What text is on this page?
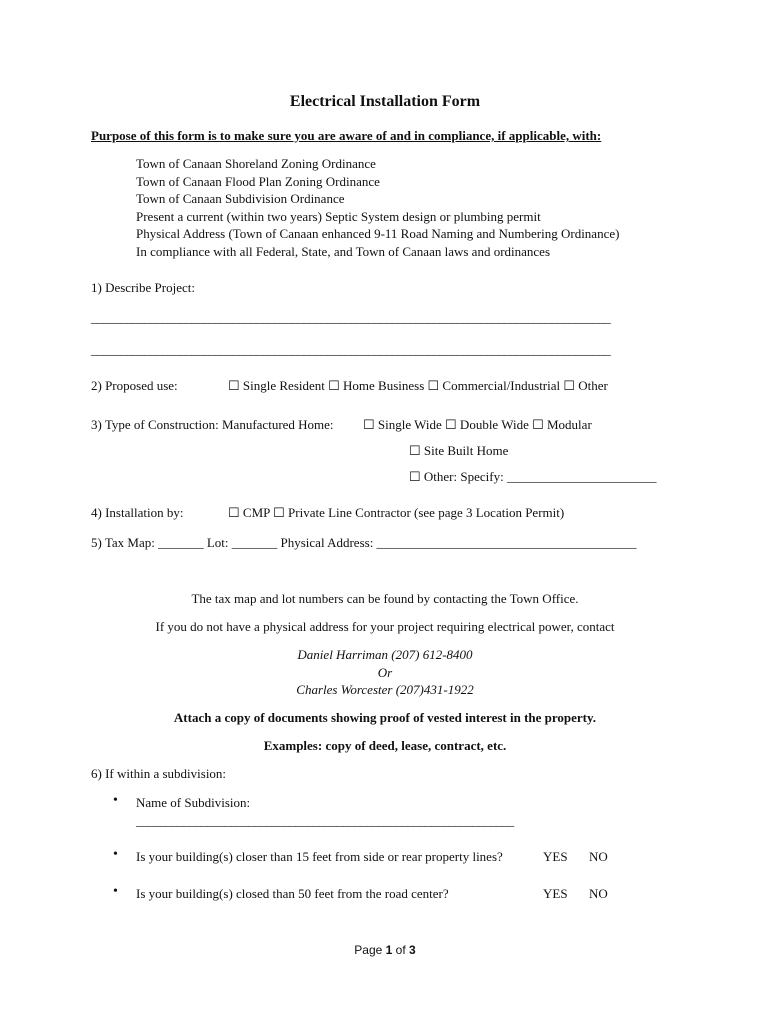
Electrical Installation Form
Purpose of this form is to make sure you are aware of and in compliance, if applicable, with:
Town of Canaan Shoreland Zoning Ordinance
Town of Canaan Flood Plan Zoning Ordinance
Town of Canaan Subdivision Ordinance
Present a current (within two years) Septic System design or plumbing permit
Physical Address (Town of Canaan enhanced 9-11 Road Naming and Numbering Ordinance)
In compliance with all Federal, State, and Town of Canaan laws and ordinances
1) Describe Project:
________________________________________________________________________________________
________________________________________________________________________________________
2) Proposed use:	☐ Single Resident ☐ Home Business ☐ Commercial/Industrial ☐ Other
3) Type of Construction: Manufactured Home: ☐ Single Wide ☐ Double Wide ☐ Modular
☐ Site Built Home
☐ Other: Specify: _______________________
4) Installation by:	☐ CMP ☐ Private Line Contractor (see page 3 Location Permit)
5) Tax Map: _______ Lot: _______ Physical Address: ________________________________________
The tax map and lot numbers can be found by contacting the Town Office.
If you do not have a physical address for your project requiring electrical power, contact
Daniel Harriman (207) 612-8400
Or
Charles Worcester (207)431-1922
Attach a copy of documents showing proof of vested interest in the property.
Examples: copy of deed, lease, contract, etc.
6) If within a subdivision:
• Name of Subdivision:
________________________________________________________________
• Is your building(s) closer than 15 feet from side or rear property lines?	YES NO
• Is your building(s) closed than 50 feet from the road center?	YES NO
Page 1 of 3
